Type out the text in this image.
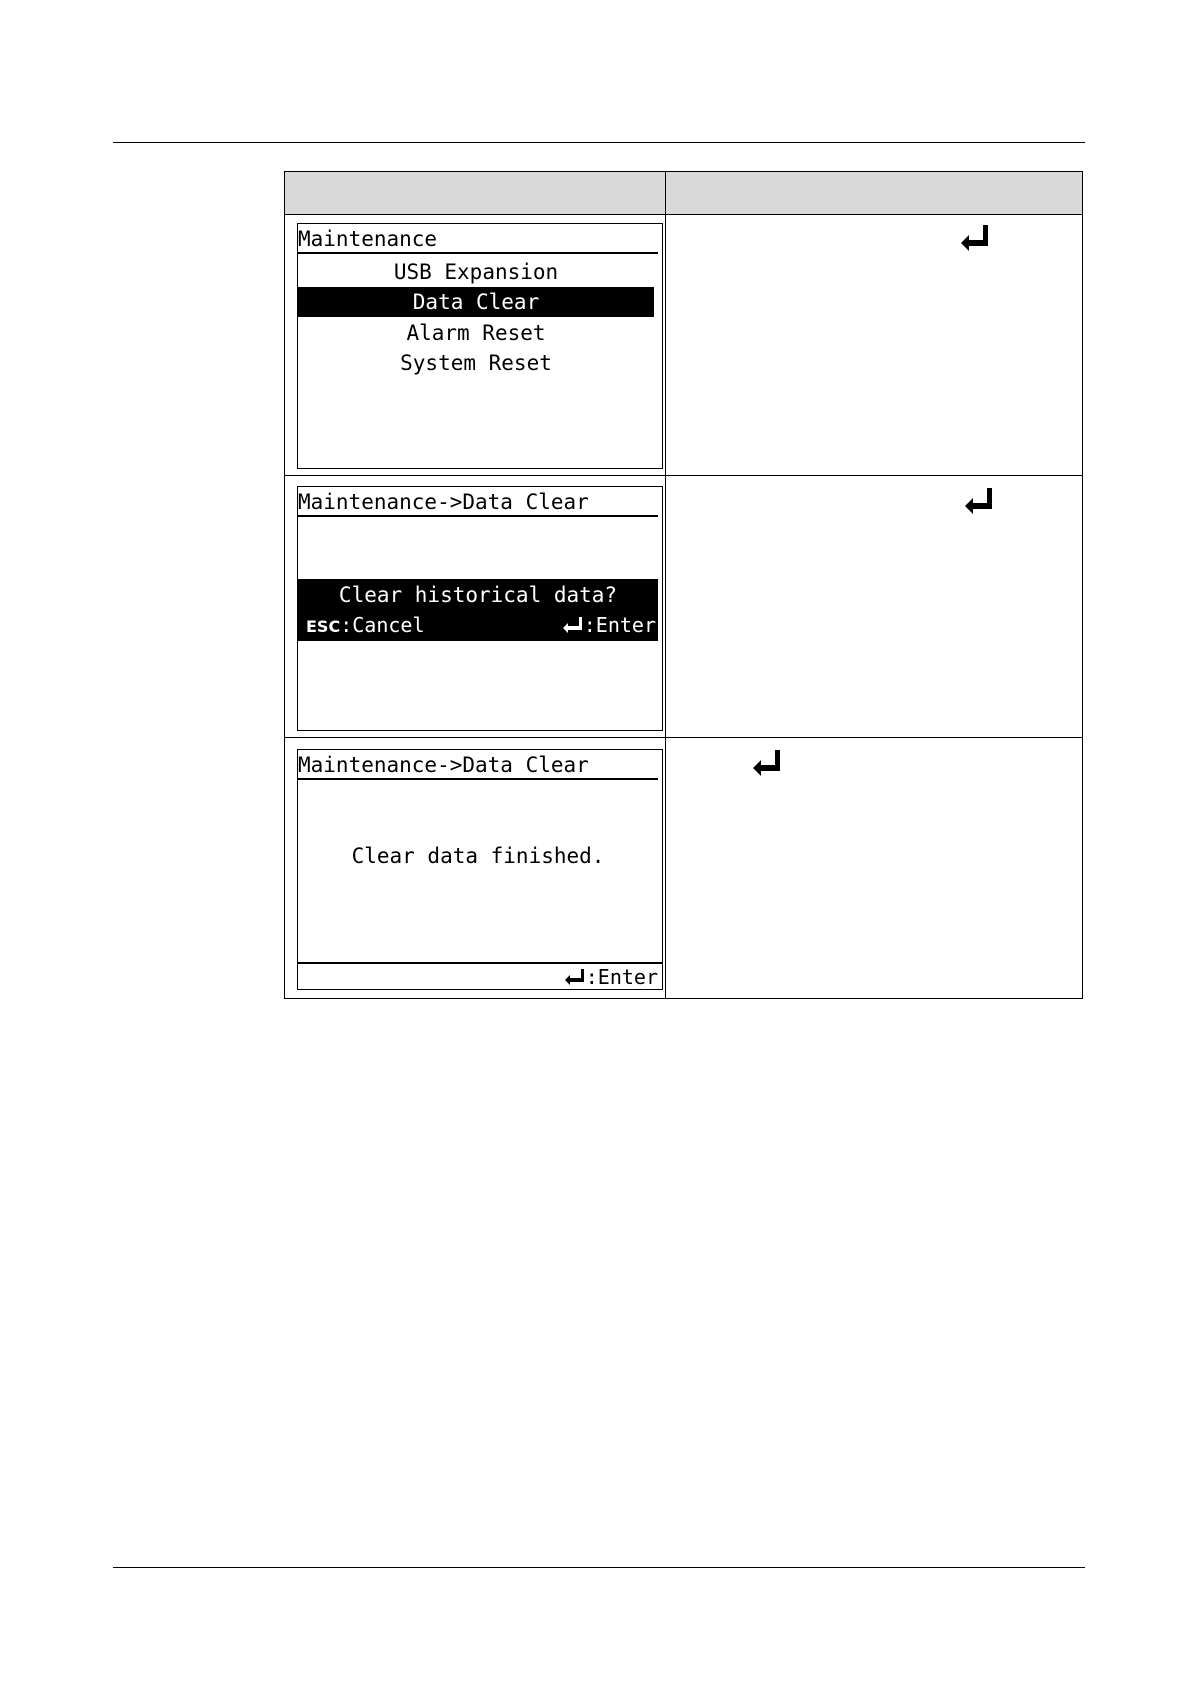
Maintenance
USB Expansion
Data Clear
Alarm Reset
System Reset
Maintenance->Data Clear
Clear historical data?
ESC:Cancel	:Enter
Maintenance->Data Clear
Clear data finished.
:Enter
